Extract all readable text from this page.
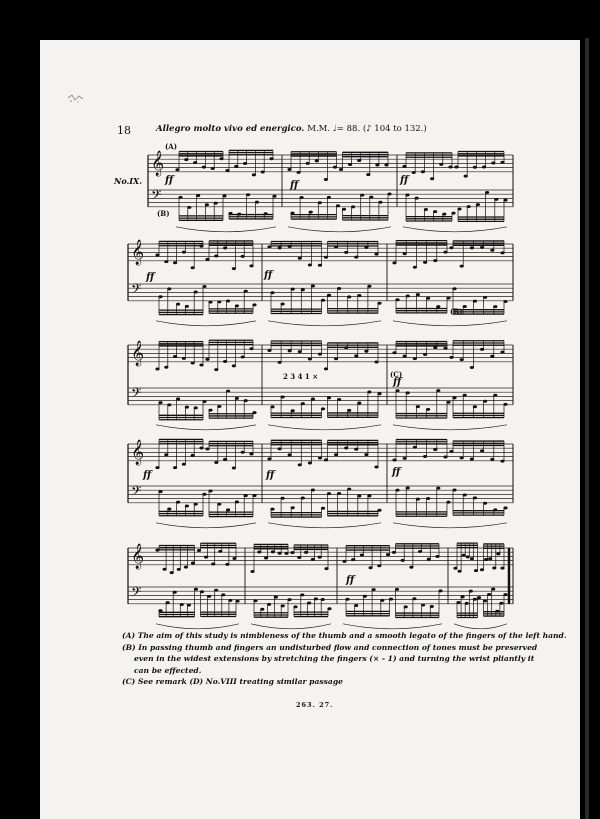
18	Allegro molto vivo ed energico. M.M. ♩= 88. (♪ 104 to 132.)
No.IX.
(A)
(B)
(B)
(C)
ff	ff
ff
ff	ff
ff
ff	ff	ff
ff
2 3 4 1 ×
𝄞
𝄢
𝄞
𝄢
𝄞
𝄢
𝄞
𝄢
𝄞
𝄢
(A) The aim of this study is nimbleness of the thumb and a smooth legato of the fingers of the left hand.
(B) In passing thumb and fingers an undisturbed flow and connection of tones must be preserved
even in the widest extensions by stretching the fingers (× - 1) and turning the wrist pliantly it
can be effected.
(C) See remark (D) No.VIII treating similar passage
263. 27.
